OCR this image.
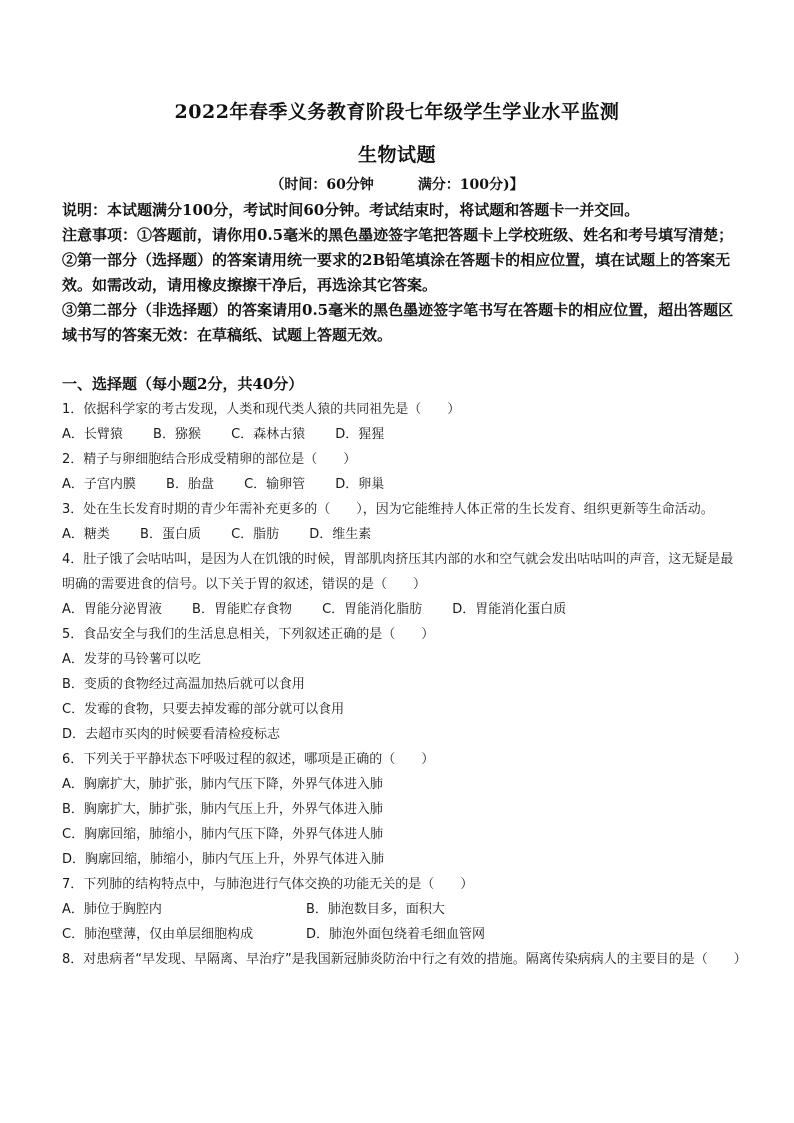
2022年春季义务教育阶段七年级学生学业水平监测
生物试题
（时间：60分钟	满分：100分)】

说明：本试题满分100分，考试时间60分钟。考试结束时，将试题和答题卡一并交回。

注意事项：①答题前，请你用0.5毫米的黑色墨迹签字笔把答题卡上学校班级、姓名和考号填写清楚；

②第一部分（选择题）的答案请用统一要求的2B铅笔填涂在答题卡的相应位置，填在试题上的答案无效。如需改动，请用橡皮擦擦干净后，再选涂其它答案。

③第二部分（非选择题）的答案请用0.5毫米的黑色墨迹签字笔书写在答题卡的相应位置，超出答题区域书写的答案无效：在草稿纸、试题上答题无效。

一、选择题（每小题2分，共40分）

1．依据科学家的考古发现，人类和现代类人猿的共同祖先是（　　）

A．长臂猿　　 B．猕猴　　 C．森林古猿　　 D．猩猩

2．精子与卵细胞结合形成受精卵的部位是（　　）

A．子宫内膜　　 B．胎盘　　 C．输卵管　　 D．卵巢

3．处在生长发育时期的青少年需补充更多的（　　），因为它能维持人体正常的生长发育、组织更新等生命活动。

A．糖类　　 B．蛋白质　　 C．脂肪　　 D．维生素

4．肚子饿了会咕咕叫，是因为人在饥饿的时候，胃部肌肉挤压其内部的水和空气就会发出咕咕叫的声音，这无疑是最明确的需要进食的信号。以下关于胃的叙述，错误的是（　　）

A．胃能分泌胃液　　 B．胃能贮存食物　　 C．胃能消化脂肪　　 D．胃能消化蛋白质

5．食品安全与我们的生活息息相关，下列叙述正确的是（　　）

A．发芽的马铃薯可以吃

B．变质的食物经过高温加热后就可以食用

C．发霉的食物，只要去掉发霉的部分就可以食用

D．去超市买肉的时候要看清检疫标志

6．下列关于平静状态下呼吸过程的叙述，哪项是正确的（　　）

A．胸廓扩大，肺扩张，肺内气压下降，外界气体进入肺

B．胸廓扩大，肺扩张，肺内气压上升，外界气体进入肺

C．胸廓回缩，肺缩小，肺内气压下降，外界气体进人肺

D．胸廓回缩，肺缩小，肺内气压上升，外界气体进入肺

7．下列肺的结构特点中，与肺泡进行气体交换的功能无关的是（　　）

A．肺位于胸腔内	B．肺泡数目多，面积大

C．肺泡壁薄，仅由单层细胞构成	D．肺泡外面包绕着毛细血管网

8．对患病者“早发现、早隔离、早治疗”是我国新冠肺炎防治中行之有效的措施。隔离传染病病人的主要目的是（　　）
